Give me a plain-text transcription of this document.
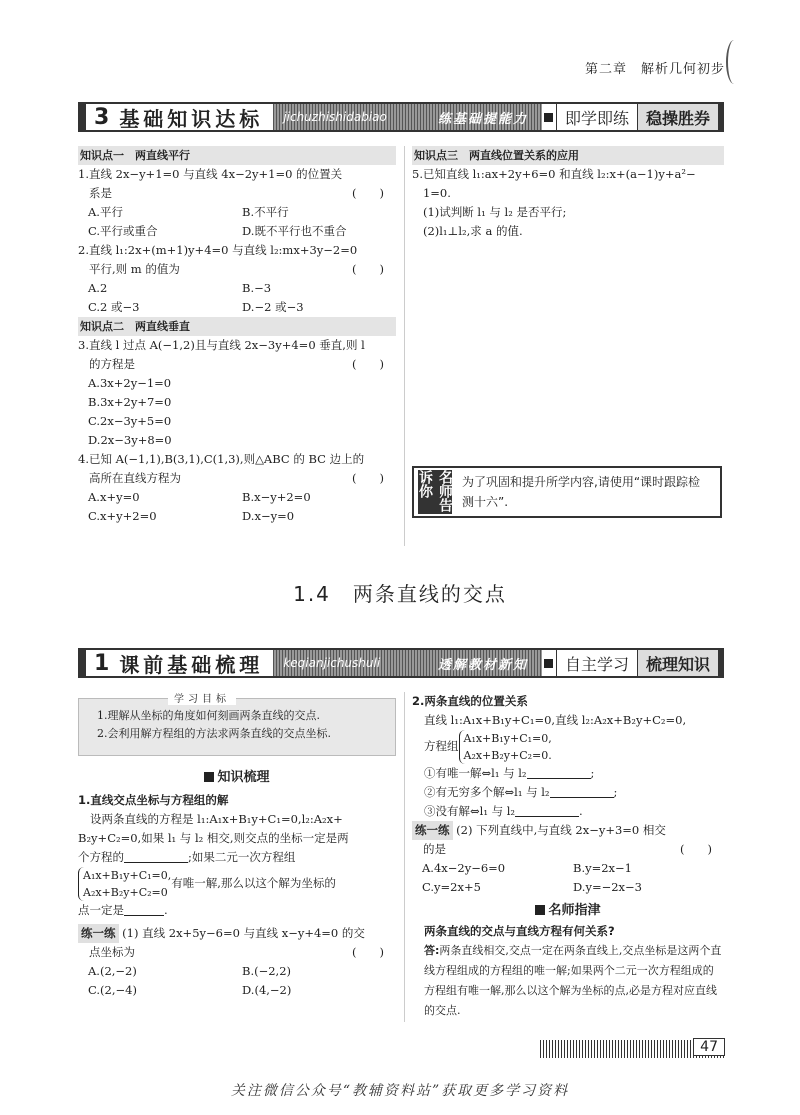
第二章　解析几何初步
3 基础知识达标 jichuzhishidabiao	练基础提能力	即学即练	稳操胜券
知识点一　两直线平行
1.直线 2x−y+1=0 与直线 4x−2y+1=0 的位置关
系是	(　　)
A.平行	B.不平行
C.平行或重合	D.既不平行也不重合
2.直线 l₁:2x+(m+1)y+4=0 与直线 l₂:mx+3y−2=0
平行,则 m 的值为	(　　)
A.2	B.−3
C.2 或−3	D.−2 或−3
知识点二　两直线垂直
3.直线 l 过点 A(−1,2)且与直线 2x−3y+4=0 垂直,则 l
的方程是	(　　)
A.3x+2y−1=0
B.3x+2y+7=0
C.2x−3y+5=0
D.2x−3y+8=0
4.已知 A(−1,1),B(3,1),C(1,3),则△ABC 的 BC 边上的
高所在直线方程为	(　　)
A.x+y=0	B.x−y+2=0
C.x+y+2=0	D.x−y=0
知识点三　两直线位置关系的应用
5.已知直线 l₁:ax+2y+6=0 和直线 l₂:x+(a−1)y+a²−
1=0.
(1)试判断 l₁ 与 l₂ 是否平行;
(2)l₁⊥l₂,求 a 的值.
名师告诉你	为了巩固和提升所学内容,请使用“课时跟踪检测十六”.
1.4　两条直线的交点
1 课前基础梳理 keqianjichushuli	透解教材新知	自主学习	梳理知识
1.理解从坐标的角度如何刻画两条直线的交点.
2.会利用解方程组的方法求两条直线的交点坐标.
学习目标
知识梳理
1.直线交点坐标与方程组的解
设两条直线的方程是 l₁:A₁x+B₁y+C₁=0,l₂:A₂x+
B₂y+C₂=0,如果 l₁ 与 l₂ 相交,则交点的坐标一定是两
个方程的	;如果二元一次方程组
A₁x+B₁y+C₁=0,
A₂x+B₂y+C₂=0
有唯一解,那么以这个解为坐标的
点一定是	.
练一练 (1) 直线 2x+5y−6=0 与直线 x−y+4=0 的交
点坐标为	(　　)
A.(2,−2)	B.(−2,2)
C.(2,−4)	D.(4,−2)
2.两条直线的位置关系
直线 l₁:A₁x+B₁y+C₁=0,直线 l₂:A₂x+B₂y+C₂=0,
方程组
A₁x+B₁y+C₁=0,
A₂x+B₂y+C₂=0.
①有唯一解⇔l₁ 与 l₂	;
②有无穷多个解⇔l₁ 与 l₂	;
③没有解⇔l₁ 与 l₂	.
练一练 (2) 下列直线中,与直线 2x−y+3=0 相交
的是	(　　)
A.4x−2y−6=0	B.y=2x−1
C.y=2x+5	D.y=−2x−3
名师指津
两条直线的交点与直线方程有何关系?
答:两条直线相交,交点一定在两条直线上,交点坐标是这两个直线方程组成的方程组的唯一解;如果两个二元一次方程组成的方程组有唯一解,那么以这个解为坐标的点,必是方程对应直线的交点.
47
关注微信公众号“教辅资料站”获取更多学习资料
